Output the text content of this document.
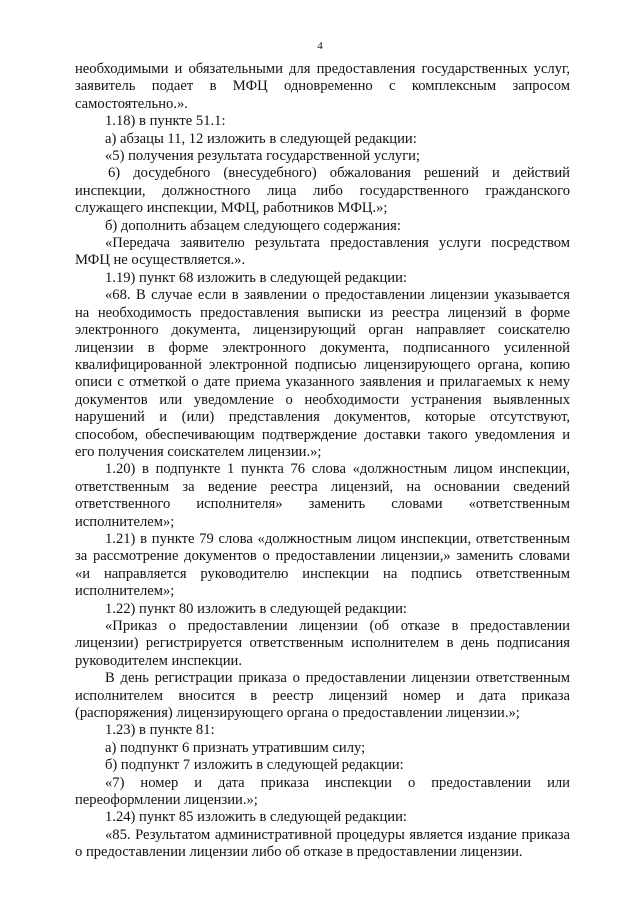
4

необходимыми и обязательными для предоставления государственных услуг, заявитель подает в МФЦ одновременно с комплексным запросом самостоятельно.».

1.18) в пункте 51.1:

а) абзацы 11, 12 изложить в следующей редакции:

«5) получения результата государственной услуги;

6) досудебного (внесудебного) обжалования решений и действий инспекции, должностного лица либо государственного гражданского служащего инспекции, МФЦ, работников МФЦ.»;

б) дополнить абзацем следующего содержания:

«Передача заявителю результата предоставления услуги посредством МФЦ не осуществляется.».

1.19) пункт 68 изложить в следующей редакции:

«68. В случае если в заявлении о предоставлении лицензии указывается на необходимость предоставления выписки из реестра лицензий в форме электронного документа, лицензирующий орган направляет соискателю лицензии в форме электронного документа, подписанного усиленной квалифицированной электронной подписью лицензирующего органа, копию описи с отметкой о дате приема указанного заявления и прилагаемых к нему документов или уведомление о необходимости устранения выявленных нарушений и (или) представления документов, которые отсутствуют, способом, обеспечивающим подтверждение доставки такого уведомления и его получения соискателем лицензии.»;

1.20) в подпункте 1 пункта 76 слова «должностным лицом инспекции, ответственным за ведение реестра лицензий, на основании сведений ответственного исполнителя» заменить словами «ответственным исполнителем»;

1.21) в пункте 79 слова «должностным лицом инспекции, ответственным за рассмотрение документов о предоставлении лицензии,» заменить словами «и направляется руководителю инспекции на подпись ответственным исполнителем»;

1.22) пункт 80 изложить в следующей редакции:

«Приказ о предоставлении лицензии (об отказе в предоставлении лицензии) регистрируется ответственным исполнителем в день подписания руководителем инспекции.

В день регистрации приказа о предоставлении лицензии ответственным исполнителем вносится в реестр лицензий номер и дата приказа (распоряжения) лицензирующего органа о предоставлении лицензии.»;

1.23) в пункте 81:

а) подпункт 6 признать утратившим силу;

б) подпункт 7 изложить в следующей редакции:

«7) номер и дата приказа инспекции о предоставлении или переоформлении лицензии.»;

1.24) пункт 85 изложить в следующей редакции:

«85. Результатом административной процедуры является издание приказа о предоставлении лицензии либо об отказе в предоставлении лицензии.
